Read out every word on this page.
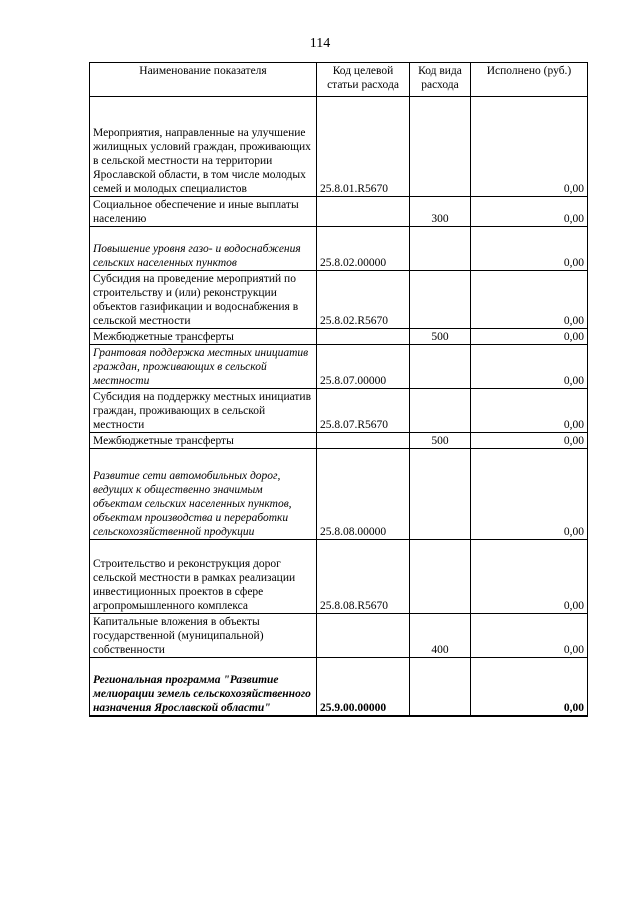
114
Наименование показателя	Код целевой статьи расхода	Код вида расхода	Исполнено (руб.)
Мероприятия, направленные на улучшение жилищных условий граждан, проживающих в сельской местности на территории Ярославской области, в том числе молодых семей и молодых специалистов	25.8.01.R5670		0,00
Социальное обеспечение и иные выплаты населению		300	0,00
Повышение уровня газо- и водоснабжения сельских населенных пунктов	25.8.02.00000		0,00
Субсидия на проведение мероприятий по строительству и (или) реконструкции объектов газификации и водоснабжения в сельской местности	25.8.02.R5670		0,00
Межбюджетные трансферты		500	0,00
Грантовая поддержка местных инициатив граждан, проживающих в сельской местности	25.8.07.00000		0,00
Субсидия на поддержку местных инициатив граждан, проживающих в сельской местности	25.8.07.R5670		0,00
Межбюджетные трансферты		500	0,00
Развитие сети автомобильных дорог, ведущих к общественно значимым объектам сельских населенных пунктов, объектам производства и переработки сельскохозяйственной продукции	25.8.08.00000		0,00
Строительство и реконструкция дорог сельской местности в рамках реализации инвестиционных проектов в сфере агропромышленного комплекса	25.8.08.R5670		0,00
Капитальные вложения в объекты государственной (муниципальной) собственности		400	0,00
Региональная программа "Развитие мелиорации земель сельскохозяйственного назначения Ярославской области"	25.9.00.00000		0,00
